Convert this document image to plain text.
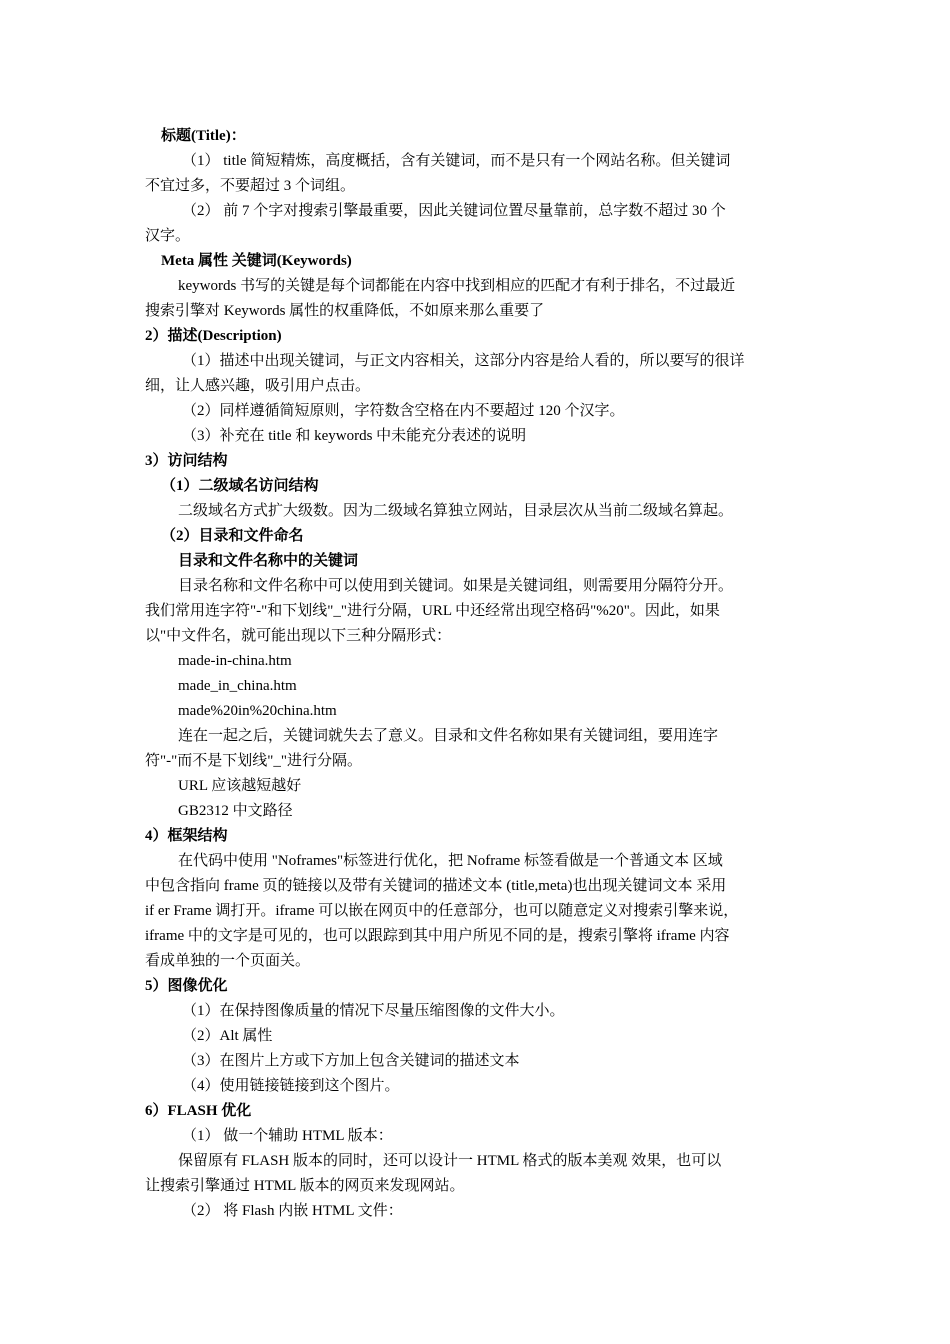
标题(Title)：
（1） title 简短精炼，高度概括，含有关键词，而不是只有一个网站名称。但关键词
不宜过多，不要超过 3 个词组。
（2） 前 7 个字对搜索引擎最重要，因此关键词位置尽量靠前，总字数不超过 30 个
汉字。
Meta 属性 关键词(Keywords)
keywords 书写的关键是每个词都能在内容中找到相应的匹配才有利于排名，不过最近
搜索引擎对 Keywords 属性的权重降低，不如原来那么重要了
2）描述(Description)
（1）描述中出现关键词，与正文内容相关，这部分内容是给人看的，所以要写的很详
细，让人感兴趣，吸引用户点击。
（2）同样遵循简短原则，字符数含空格在内不要超过 120 个汉字。
（3）补充在 title 和 keywords 中未能充分表述的说明
3）访问结构
（1）二级域名访问结构
二级域名方式扩大级数。因为二级域名算独立网站，目录层次从当前二级域名算起。
（2）目录和文件命名
目录和文件名称中的关键词
目录名称和文件名称中可以使用到关键词。如果是关键词组，则需要用分隔符分开。
我们常用连字符"-"和下划线"_"进行分隔，URL 中还经常出现空格码"%20"。因此，如果
以"中文件名，就可能出现以下三种分隔形式：
made-in-china.htm
made_in_china.htm
made%20in%20china.htm
连在一起之后，关键词就失去了意义。目录和文件名称如果有关键词组，要用连字
符"-"而不是下划线"_"进行分隔。
URL 应该越短越好
GB2312 中文路径
4）框架结构
在代码中使用 "Noframes"标签进行优化，把 Noframe 标签看做是一个普通文本 区域
中包含指向 frame 页的链接以及带有关键词的描述文本 (title,meta)也出现关键词文本 采用
if er Frame 调打开。iframe 可以嵌在网页中的任意部分，也可以随意定义对搜索引擎来说，
iframe 中的文字是可见的，也可以跟踪到其中用户所见不同的是，搜索引擎将 iframe 内容
看成单独的一个页面关。
5）图像优化
（1）在保持图像质量的情况下尽量压缩图像的文件大小。
（2）Alt 属性
（3）在图片上方或下方加上包含关键词的描述文本
（4）使用链接链接到这个图片。
6）FLASH 优化
（1） 做一个辅助 HTML 版本：
保留原有 FLASH 版本的同时，还可以设计一 HTML 格式的版本美观 效果，也可以
让搜索引擎通过 HTML 版本的网页来发现网站。
（2） 将 Flash 内嵌 HTML 文件：
